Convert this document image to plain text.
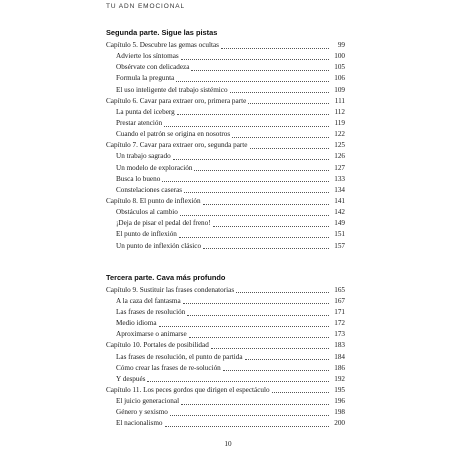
TU ADN EMOCIONAL
Segunda parte. Sigue las pistas
Capítulo 5. Descubre las gemas ocultas	99
Advierte los síntomas	100
Obsérvate con delicadeza	105
Formula la pregunta	106
El uso inteligente del trabajo sistémico	109
Capítulo 6. Cavar para extraer oro, primera parte	111
La punta del iceberg	112
Prestar atención	119
Cuando el patrón se origina en nosotros	122
Capítulo 7. Cavar para extraer oro, segunda parte	125
Un trabajo sagrado	126
Un modelo de exploración	127
Busca lo bueno	133
Constelaciones caseras	134
Capítulo 8. El punto de inflexión	141
Obstáculos al cambio	142
¡Deja de pisar el pedal del freno!	149
El punto de inflexión	151
Un punto de inflexión clásico	157
Tercera parte. Cava más profundo
Capítulo 9. Sustituir las frases condenatorias	165
A la caza del fantasma	167
Las frases de resolución	171
Medio idioma	172
Aproximarse o animarse	173
Capítulo 10. Portales de posibilidad	183
Las frases de resolución, el punto de partida	184
Cómo crear las frases de re-solución	186
Y después	192
Capítulo 11. Los peces gordos que dirigen el espectáculo	195
El juicio generacional	196
Género y sexismo	198
El nacionalismo	200
10
